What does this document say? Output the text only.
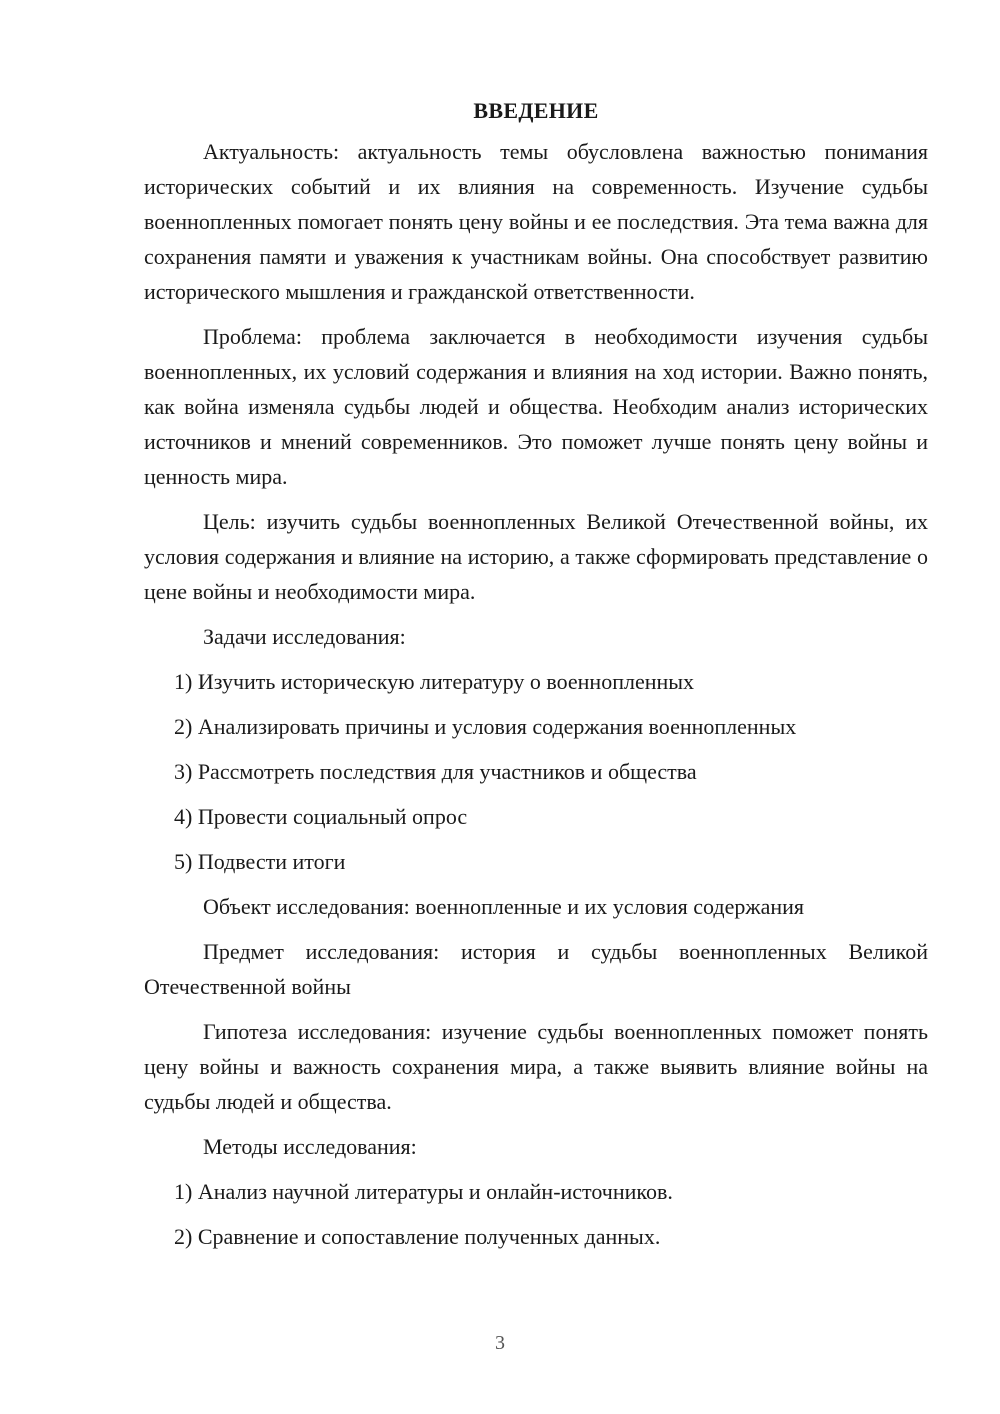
ВВЕДЕНИЕ

Актуальность: актуальность темы обусловлена важностью понимания исторических событий и их влияния на современность. Изучение судьбы военнопленных помогает понять цену войны и ее последствия. Эта тема важна для сохранения памяти и уважения к участникам войны. Она способствует развитию исторического мышления и гражданской ответственности.

Проблема: проблема заключается в необходимости изучения судьбы военнопленных, их условий содержания и влияния на ход истории. Важно понять, как война изменяла судьбы людей и общества. Необходим анализ исторических источников и мнений современников. Это поможет лучше понять цену войны и ценность мира.

Цель: изучить судьбы военнопленных Великой Отечественной войны, их условия содержания и влияние на историю, а также сформировать представление о цене войны и необходимости мира.

Задачи исследования:

1) Изучить историческую литературу о военнопленных
2) Анализировать причины и условия содержания военнопленных
3) Рассмотреть последствия для участников и общества
4) Провести социальный опрос
5) Подвести итоги

Объект исследования: военнопленные и их условия содержания

Предмет исследования: история и судьбы военнопленных Великой Отечественной войны

Гипотеза исследования: изучение судьбы военнопленных поможет понять цену войны и важность сохранения мира, а также выявить влияние войны на судьбы людей и общества.

Методы исследования:

1) Анализ научной литературы и онлайн-источников.
2) Сравнение и сопоставление полученных данных.
3
